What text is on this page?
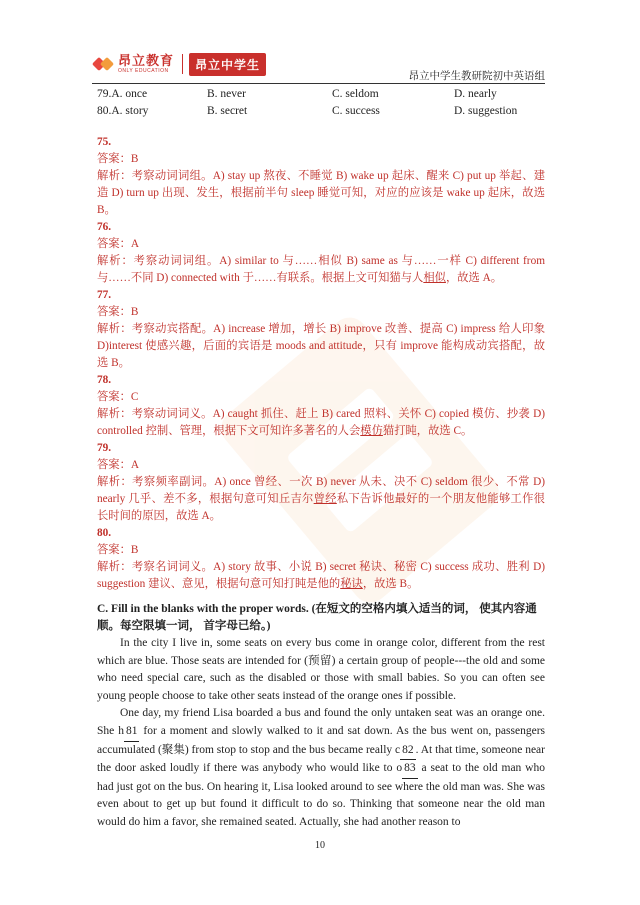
昂立教育
ONLY EDUCATION	昂立中学生
昂立中学生教研院初中英语组
79.A. once	B. never	C. seldom	D. nearly
80.A. story	B. secret	C. success	D. suggestion
75.
答案：B
解析：考察动词词组。A) stay up 熬夜、不睡觉 B) wake up 起床、醒来 C) put up 举起、建造 D) turn up 出现、发生，根据前半句 sleep 睡觉可知，对应的应该是 wake up 起床，故选 B。
76.
答案：A
解析：考察动词词组。A) similar to 与……相似 B) same as 与……一样 C) different from 与……不同 D) connected with 于……有联系。根据上文可知猫与人相似，故选 A。
77.
答案：B
解析：考察动宾搭配。A) increase 增加，增长 B) improve 改善、提高 C) impress 给人印象 D)interest 使感兴趣，后面的宾语是 moods and attitude，只有 improve 能构成动宾搭配，故选 B。
78.
答案：C
解析：考察动词词义。A) caught 抓住、赶上 B) cared 照料、关怀 C) copied 模仿、抄袭 D) controlled 控制、管理，根据下文可知许多著名的人会模仿猫打盹，故选 C。
79.
答案：A
解析：考察频率副词。A) once 曾经、一次 B) never 从未、决不 C) seldom 很少、不常 D) nearly 几乎、差不多，根据句意可知丘吉尔曾经私下告诉他最好的一个朋友他能够工作很长时间的原因，故选 A。
80.
答案：B
解析：考察名词词义。A) story 故事、小说 B) secret 秘诀、秘密 C) success 成功、胜利 D) suggestion 建议、意见，根据句意可知打盹是他的秘诀，故选 B。
C. Fill in the blanks with the proper words. (在短文的空格内填入适当的词， 使其内容通顺。每空限填一词， 首字母已给。)

In the city I live in, some seats on every bus come in orange color, different from the rest which are blue. Those seats are intended for (预留) a certain group of people---the old and some who need special care, such as the disabled or those with small babies. So you can often see young people choose to take other seats instead of the orange ones if possible.

One day, my friend Lisa boarded a bus and found the only untaken seat was an orange one. She h 81 for a moment and slowly walked to it and sat down. As the bus went on, passengers accumulated (聚集) from stop to stop and the bus became really c 82 . At that time, someone near the door asked loudly if there was anybody who would like to o 83 a seat to the old man who had just got on the bus. On hearing it, Lisa looked around to see where the old man was. She was even about to get up but found it difficult to do so. Thinking that someone near the old man would do him a favor, she remained seated. Actually, she had another reason to

10
